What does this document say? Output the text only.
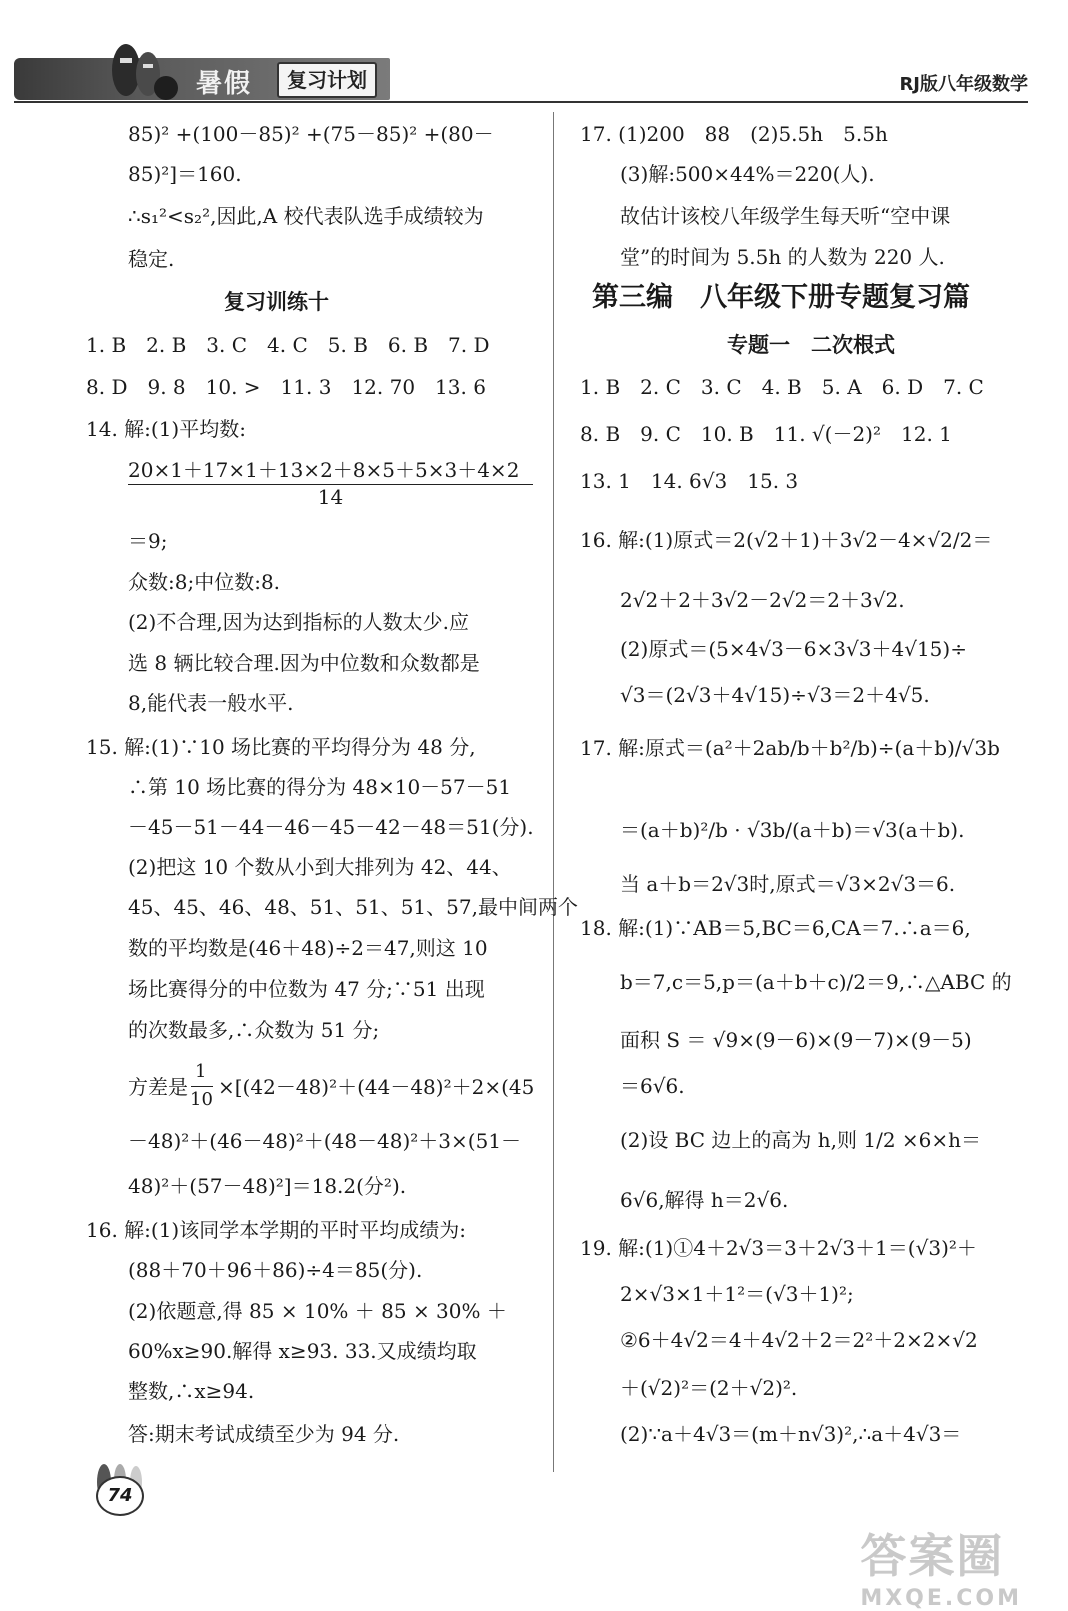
暑假	复习计划	RJ版八年级数学
85)² +(100－85)² +(75－85)² +(80－
85)²]＝160.
∴s₁²<s₂²,因此,A 校代表队选手成绩较为
稳定.
复习训练十
1. B　2. B　3. C　4. C　5. B　6. B　7. D
8. D　9. 8　10. >　11. 3　12. 70　13. 6
14. 解:(1)平均数:
20×1＋17×1＋13×2＋8×5＋5×3＋4×2
14
＝9;
众数:8;中位数:8.
(2)不合理,因为达到指标的人数太少.应
选 8 辆比较合理.因为中位数和众数都是
8,能代表一般水平.
15. 解:(1)∵10 场比赛的平均得分为 48 分,
∴第 10 场比赛的得分为 48×10－57－51
－45－51－44－46－45－42－48＝51(分).
(2)把这 10 个数从小到大排列为 42、44、
45、45、46、48、51、51、51、57,最中间两个
数的平均数是(46＋48)÷2＝47,则这 10
场比赛得分的中位数为 47 分;∵51 出现
的次数最多,∴众数为 51 分;
方差是
1
10
×[(42－48)²＋(44－48)²＋2×(45
－48)²＋(46－48)²＋(48－48)²＋3×(51－
48)²＋(57－48)²]＝18.2(分²).
16. 解:(1)该同学本学期的平时平均成绩为:
(88＋70＋96＋86)÷4＝85(分).
(2)依题意,得 85 × 10% ＋ 85 × 30% ＋
60%x≥90.解得 x≥93. 33.又成绩均取
整数,∴x≥94.
答:期末考试成绩至少为 94 分.
17. (1)200　88　(2)5.5h　5.5h
(3)解:500×44%＝220(人).
故估计该校八年级学生每天听“空中课
堂”的时间为 5.5h 的人数为 220 人.
第三编　八年级下册专题复习篇
专题一　二次根式
1. B　2. C　3. C　4. B　5. A　6. D　7. C
8. B　9. C　10. B　11. √(－2)²　12. 1
13. 1　14. 6√3　15. 3
16. 解:(1)原式＝2(√2＋1)＋3√2－4×√2/2＝
2√2＋2＋3√2－2√2＝2＋3√2.
(2)原式＝(5×4√3－6×3√3＋4√15)÷
√3＝(2√3＋4√15)÷√3＝2＋4√5.
17. 解:原式＝(a²＋2ab/b＋b²/b)÷(a＋b)/√3b
＝(a＋b)²/b · √3b/(a＋b)＝√3(a＋b).
当 a＋b＝2√3时,原式＝√3×2√3＝6.
18. 解:(1)∵AB＝5,BC＝6,CA＝7.∴a＝6,
b＝7,c＝5,p＝(a＋b＋c)/2＝9,∴△ABC 的
面积 S ＝ √9×(9－6)×(9－7)×(9－5)
＝6√6.
(2)设 BC 边上的高为 h,则 1/2 ×6×h＝
6√6,解得 h＝2√6.
19. 解:(1)①4＋2√3＝3＋2√3＋1＝(√3)²＋
2×√3×1＋1²＝(√3＋1)²;
②6＋4√2＝4＋4√2＋2＝2²＋2×2×√2
＋(√2)²＝(2＋√2)².
(2)∵a＋4√3＝(m＋n√3)²,∴a＋4√3＝
74
答案圈
MXQE.COM
